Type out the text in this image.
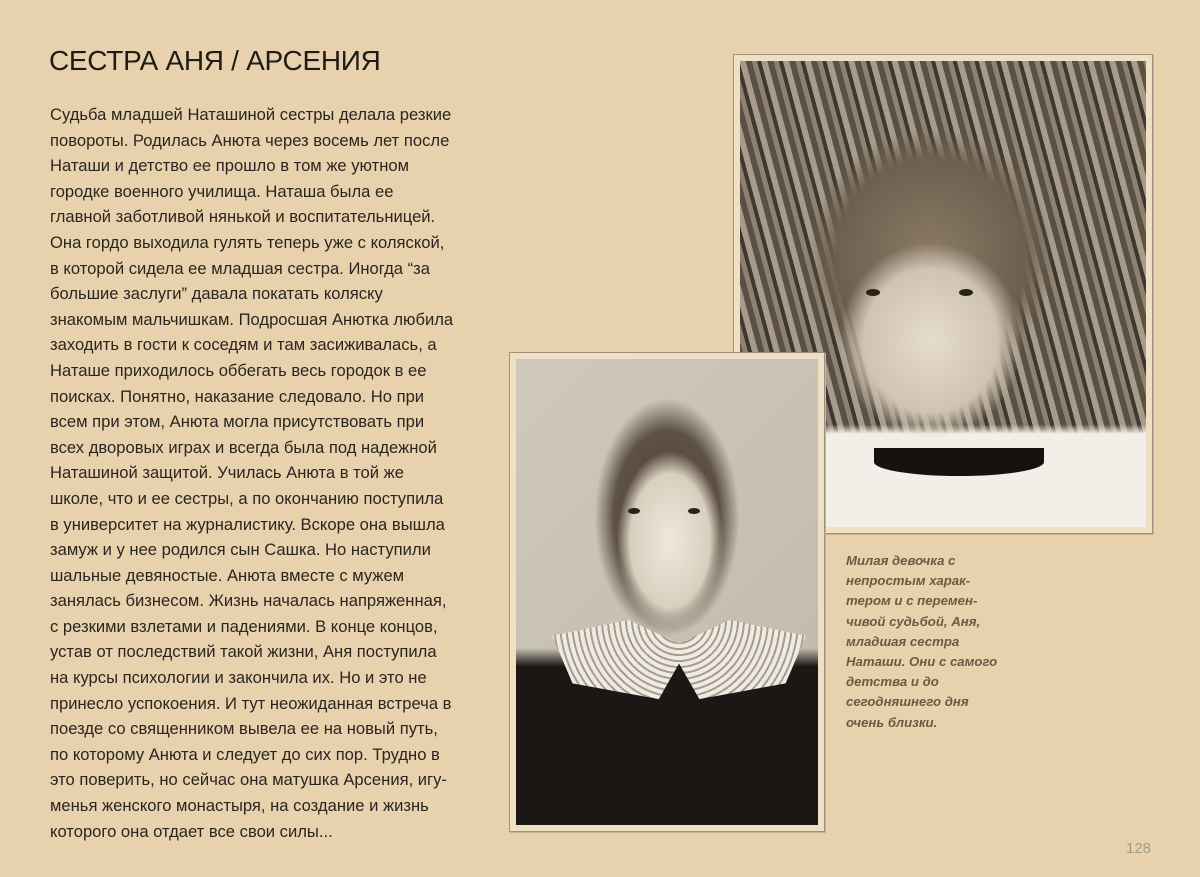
СЕСТРА АНЯ / АРСЕНИЯ
Судьба младшей Наташиной сестры делала резкие
повороты. Родилась Анюта через восемь лет после
Наташи и детство ее прошло в том же уютном
городке военного училища. Наташа была ее
главной заботливой нянькой и воспитательницей.
Она гордо выходила гулять теперь уже с коляской,
в которой сидела ее младшая сестра. Иногда “за
большие заслуги” давала покатать коляску
знакомым мальчишкам. Подросшая Анютка любила
заходить в гости к соседям и там засиживалась, а
Наташе приходилось оббегать весь городок в ее
поисках. Понятно, наказание следовало. Но при
всем при этом, Анюта могла присутствовать при
всех дворовых играх и всегда была под надежной
Наташиной защитой. Училась Анюта в той же
школе, что и ее сестры, а по окончанию поступила
в университет на журналистику. Вскоре она вышла
замуж и у нее родился сын Сашка. Но наступили
шальные девяностые. Анюта вместе с мужем
занялась бизнесом. Жизнь началась напряженная,
с резкими взлетами и падениями. В конце концов,
устав от последствий такой жизни, Аня поступила
на курсы психологии и закончила их. Но и это не
принесло успокоения. И тут неожиданная встреча в
поезде со священником вывела ее на новый путь,
по которому Анюта и следует до сих пор. Трудно в
это поверить, но сейчас она матушка Арсения, игу-
менья женского монастыря, на создание и жизнь
которого она отдает все свои силы...
Милая девочка с
непростым харак-
тером и с перемен-
чивой судьбой, Аня,
младшая сестра
Наташи. Они с самого
детства и до
сегодняшнего дня
очень близки.
128
